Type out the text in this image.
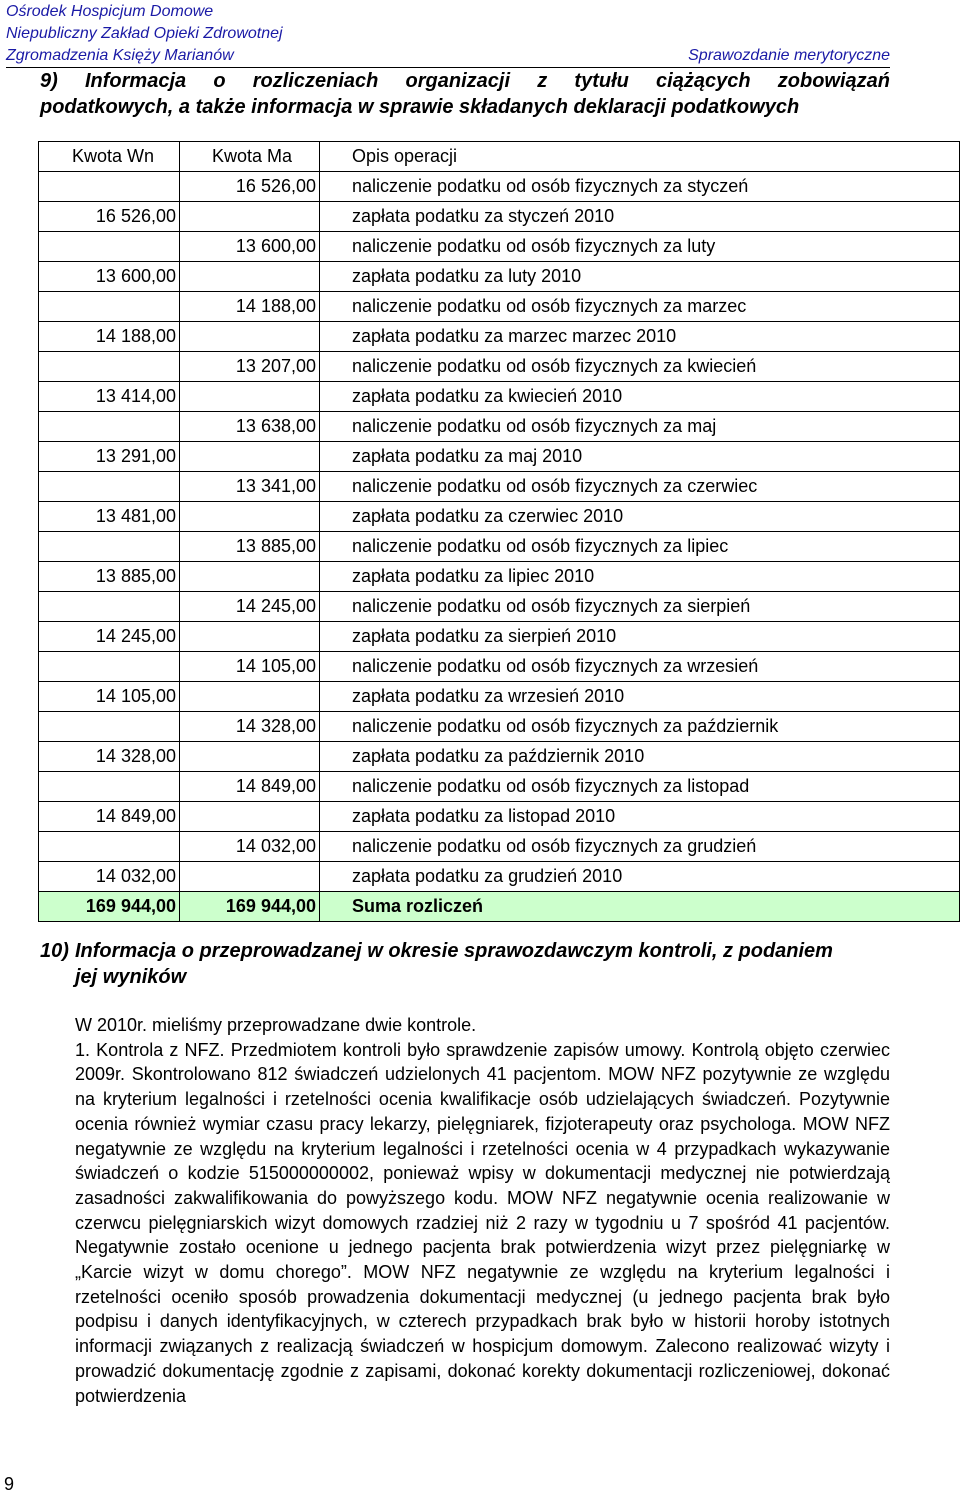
Ośrodek Hospicjum Domowe
Niepubliczny Zakład Opieki Zdrowotnej
Zgromadzenia Księży Marianów	Sprawozdanie merytoryczne
9) Informacja o rozliczeniach organizacji z tytułu ciążących zobowiązań
podatkowych, a także informacja w sprawie składanych deklaracji podatkowych
Kwota Wn	Kwota Ma	Opis operacji
	16 526,00	naliczenie podatku od osób fizycznych za styczeń
16 526,00		zapłata podatku za styczeń 2010
	13 600,00	naliczenie podatku od osób fizycznych za luty
13 600,00		zapłata podatku za luty 2010
	14 188,00	naliczenie podatku od osób fizycznych za marzec
14 188,00		zapłata podatku za marzec marzec 2010
	13 207,00	naliczenie podatku od osób fizycznych za kwiecień
13 414,00		zapłata podatku za kwiecień 2010
	13 638,00	naliczenie podatku od osób fizycznych za maj
13 291,00		zapłata podatku za maj 2010
	13 341,00	naliczenie podatku od osób fizycznych za czerwiec
13 481,00		zapłata podatku za czerwiec 2010
	13 885,00	naliczenie podatku od osób fizycznych za lipiec
13 885,00		zapłata podatku za lipiec 2010
	14 245,00	naliczenie podatku od osób fizycznych za sierpień
14 245,00		zapłata podatku za sierpień 2010
	14 105,00	naliczenie podatku od osób fizycznych za wrzesień
14 105,00		zapłata podatku za wrzesień 2010
	14 328,00	naliczenie podatku od osób fizycznych za październik
14 328,00		zapłata podatku za październik 2010
	14 849,00	naliczenie podatku od osób fizycznych za listopad
14 849,00		zapłata podatku za listopad 2010
	14 032,00	naliczenie podatku od osób fizycznych za grudzień
14 032,00		zapłata podatku za grudzień 2010
169 944,00	169 944,00	Suma rozliczeń
10) Informacja o przeprowadzanej w okresie sprawozdawczym kontroli, z podaniem
jej wyników

W 2010r. mieliśmy przeprowadzane dwie kontrole.

1. Kontrola z NFZ. Przedmiotem kontroli było sprawdzenie zapisów umowy. Kontrolą objęto czerwiec 2009r. Skontrolowano 812 świadczeń udzielonych 41 pacjentom. MOW NFZ pozytywnie ze względu na kryterium legalności i rzetelności ocenia kwalifikacje osób udzielających świadczeń. Pozytywnie ocenia również wymiar czasu pracy lekarzy, pielęgniarek, fizjoterapeuty oraz psychologa. MOW NFZ negatywnie ze względu na kryterium legalności i rzetelności ocenia w 4 przypadkach wykazywanie świadczeń o kodzie 515000000002, ponieważ wpisy w dokumentacji medycznej nie potwierdzają zasadności zakwalifikowania do powyższego kodu. MOW NFZ negatywnie ocenia realizowanie w czerwcu pielęgniarskich wizyt domowych rzadziej niż 2 razy w tygodniu u 7 spośród 41 pacjentów. Negatywnie zostało ocenione u jednego pacjenta brak potwierdzenia wizyt przez pielęgniarkę w „Karcie wizyt w domu chorego”. MOW NFZ negatywnie ze względu na kryterium legalności i rzetelności oceniło sposób prowadzenia dokumentacji medycznej (u jednego pacjenta brak było podpisu i danych identyfikacyjnych, w czterech przypadkach brak było w historii horoby istotnych informacji związanych z realizacją świadczeń w hospicjum domowym. Zalecono realizować wizyty i prowadzić dokumentację zgodnie z zapisami, dokonać korekty dokumentacji rozliczeniowej, dokonać potwierdzenia

9
